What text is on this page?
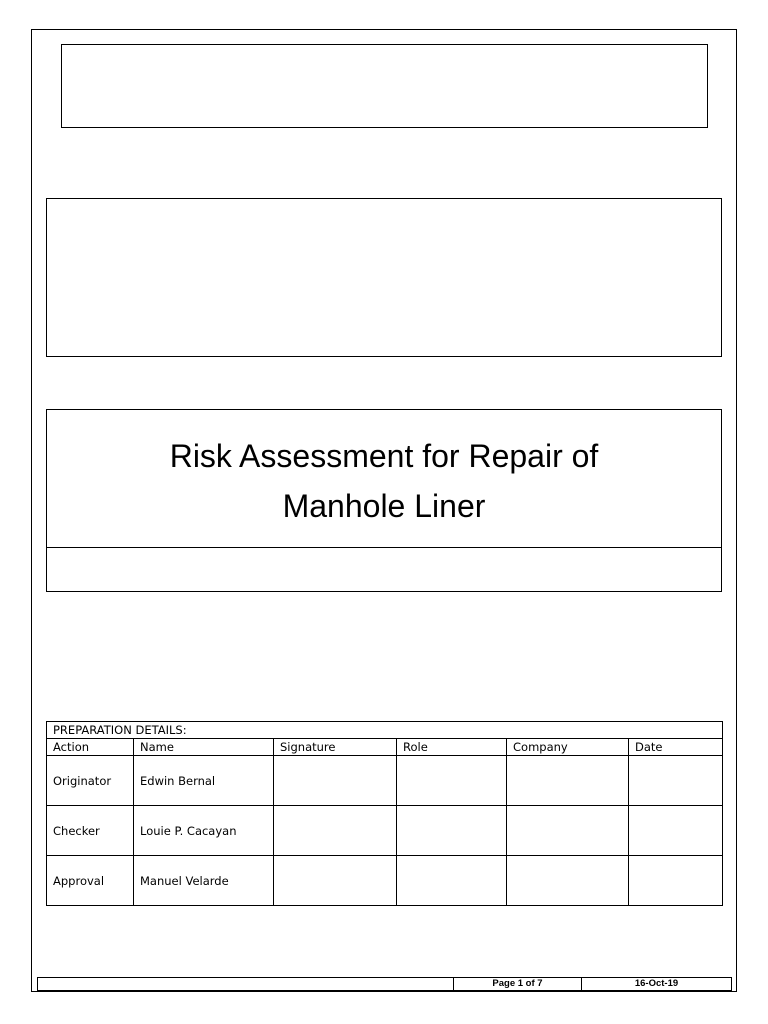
Risk Assessment for Repair of Manhole Liner
PREPARATION DETAILS:					
Action	Name	Signature	Role	Company	Date
Originator	Edwin Bernal				
Checker	Louie P. Cacayan				
Approval	Manuel Velarde				
Page 1 of 7	16-Oct-19
